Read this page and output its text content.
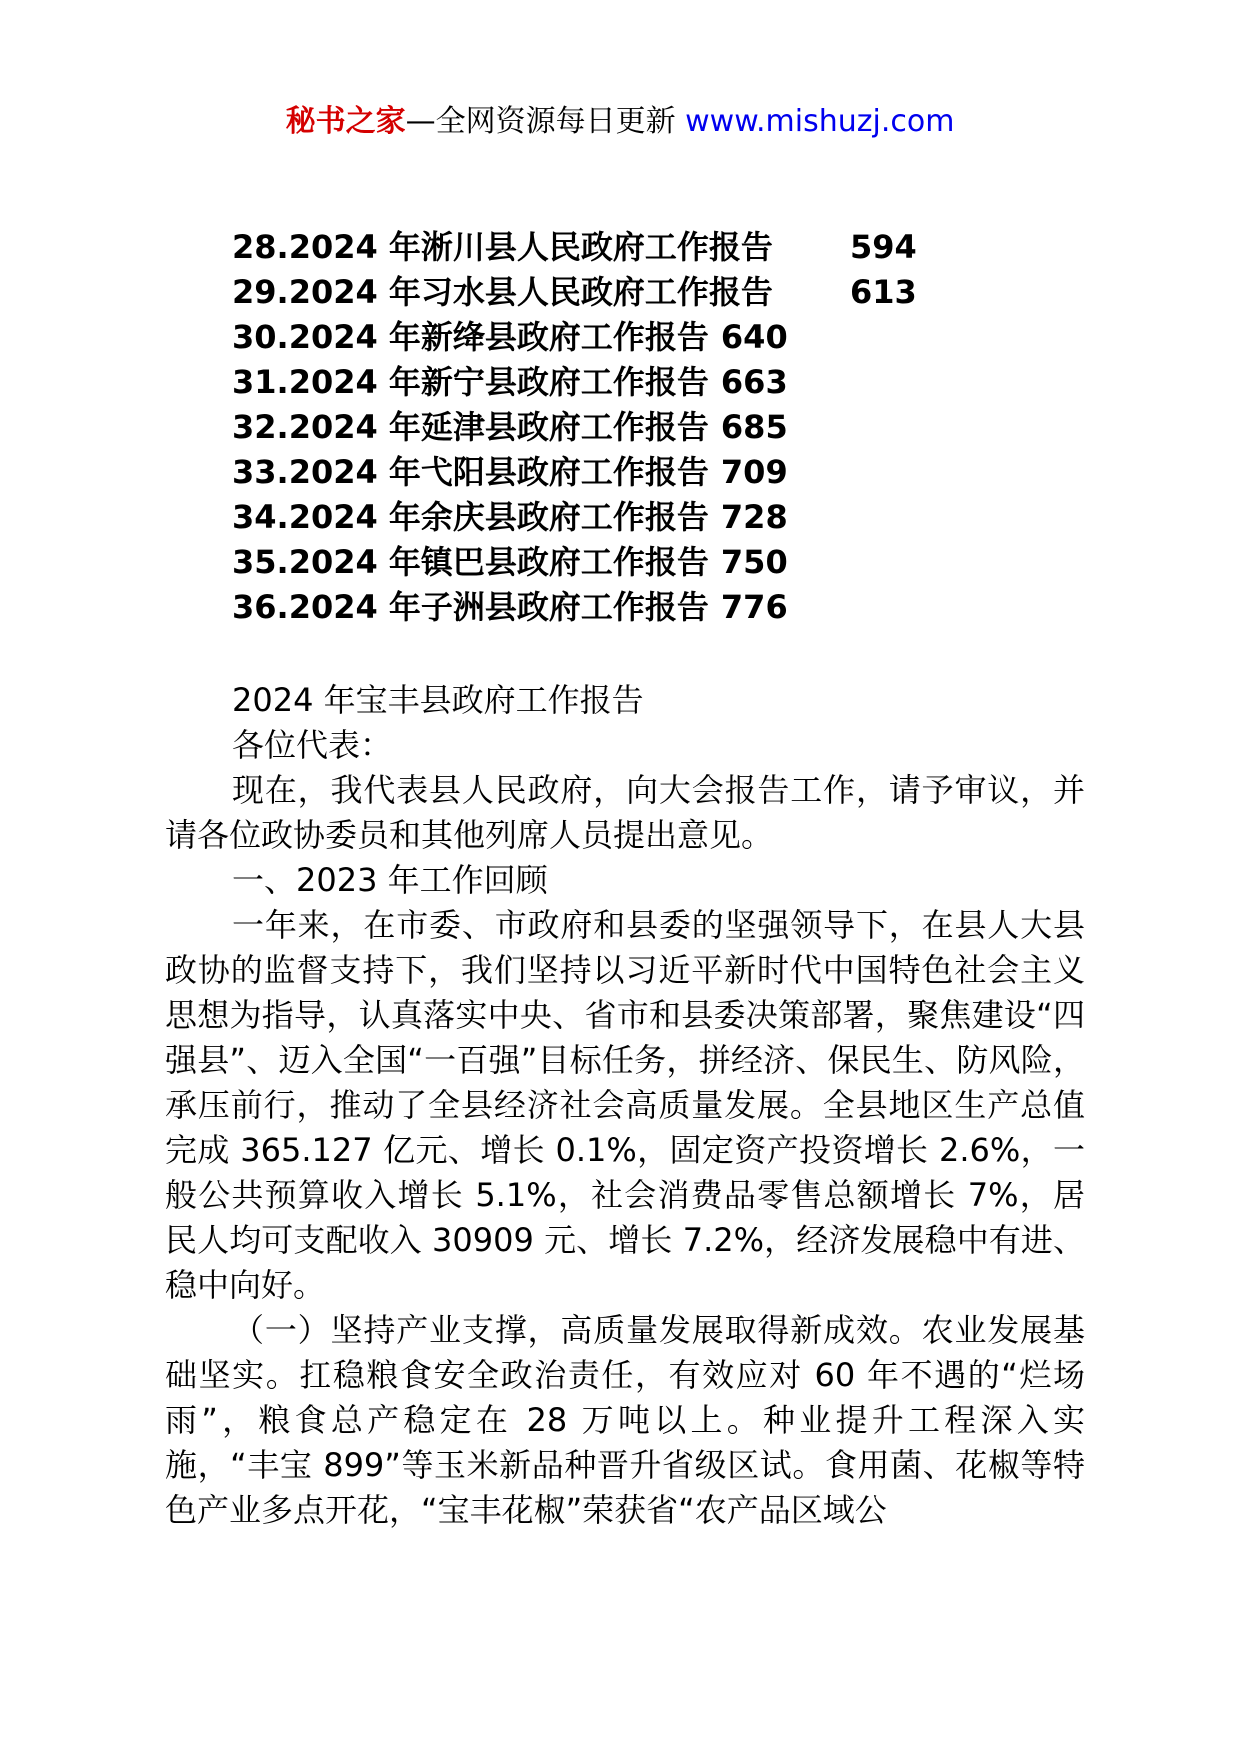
秘书之家—全网资源每日更新 www.mishuzj.com
28.2024 年淅川县人民政府工作报告 594
29.2024 年习水县人民政府工作报告 613
30.2024 年新绛县政府工作报告 640
31.2024 年新宁县政府工作报告 663
32.2024 年延津县政府工作报告 685
33.2024 年弋阳县政府工作报告 709
34.2024 年余庆县政府工作报告 728
35.2024 年镇巴县政府工作报告 750
36.2024 年子洲县政府工作报告 776

2024 年宝丰县政府工作报告

各位代表：

现在，我代表县人民政府，向大会报告工作，请予审议，并请各位政协委员和其他列席人员提出意见。

一、2023 年工作回顾

一年来，在市委、市政府和县委的坚强领导下，在县人大县政协的监督支持下，我们坚持以习近平新时代中国特色社会主义思想为指导，认真落实中央、省市和县委决策部署，聚焦建设“四强县”、迈入全国“一百强”目标任务，拼经济、保民生、防风险，承压前行，推动了全县经济社会高质量发展。全县地区生产总值完成 365.127 亿元、增长 0.1%，固定资产投资增长 2.6%，一般公共预算收入增长 5.1%，社会消费品零售总额增长 7%，居民人均可支配收入 30909 元、增长 7.2%，经济发展稳中有进、稳中向好。

（一）坚持产业支撑，高质量发展取得新成效。农业发展基础坚实。扛稳粮食安全政治责任，有效应对 60 年不遇的“烂场雨”，粮食总产稳定在 28 万吨以上。种业提升工程深入实施，“丰宝 899”等玉米新品种晋升省级区试。食用菌、花椒等特色产业多点开花，“宝丰花椒”荣获省“农产品区域公
